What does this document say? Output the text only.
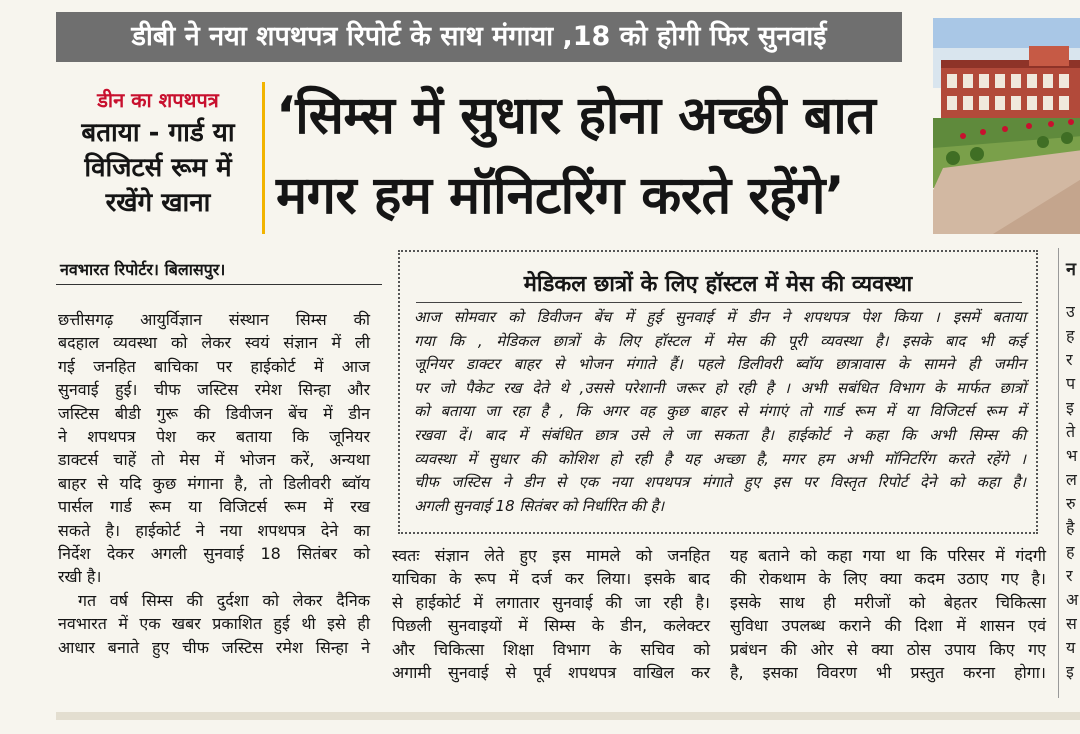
डीबी ने नया शपथपत्र रिपोर्ट के साथ मंगाया ,18 को होगी फिर सुनवाई
डीन का शपथपत्र
बताया - गार्ड या
विजिटर्स रूम में
रखेंगे खाना
‘सिम्स में सुधार होना अच्छी बात
मगर हम मॉनिटरिंग करते रहेंगे’
नवभारत रिपोर्टर। बिलासपुर।
छत्तीसगढ़ आयुर्विज्ञान संस्थान सिम्स की
बदहाल व्यवस्था को लेकर स्वयं संज्ञान में ली
गई जनहित बाचिका पर हाईकोर्ट में आज
सुनवाई हुई। चीफ जस्टिस रमेश सिन्हा और
जस्टिस बीडी गुरू की डिवीजन बेंच में डीन
ने शपथपत्र पेश कर बताया कि जूनियर
डाक्टर्स चाहें तो मेस में भोजन करें, अन्यथा
बाहर से यदि कुछ मंगाना है, तो डिलीवरी ब्वॉय
पार्सल गार्ड रूम या विजिटर्स रूम में रख
सकते है। हाईकोर्ट ने नया शपथपत्र देने का
निर्देश देकर अगली सुनवाई 18 सितंबर को
रखी है।
गत वर्ष सिम्स की दुर्दशा को लेकर दैनिक
नवभारत में एक खबर प्रकाशित हुई थी इसे ही
आधार बनाते हुए चीफ जस्टिस रमेश सिन्हा ने
मेडिकल छात्रों के लिए हॉस्टल में मेस की व्यवस्था
आज सोमवार को डिवीजन बेंच में हुई सुनवाई में डीन ने शपथपत्र पेश किया । इसमें बताया
गया कि , मेडिकल छात्रों के लिए हॉस्टल में मेस की पूरी व्यवस्था है। इसके बाद भी कई
जूनियर डाक्टर बाहर से भोजन मंगाते हैं। पहले डिलीवरी ब्वॉय छात्रावास के सामने ही जमीन
पर जो पैकेट रख देते थे ,उससे परेशानी जरूर हो रही है । अभी सबंधित विभाग के मार्फत छात्रों
को बताया जा रहा है , कि अगर वह कुछ बाहर से मंगाएं तो गार्ड रूम में या विजिटर्स रूम में
रखवा दें। बाद में संबंधित छात्र उसे ले जा सकता है। हाईकोर्ट ने कहा कि अभी सिम्स की
व्यवस्था में सुधार की कोशिश हो रही है यह अच्छा है, मगर हम अभी मॉनिटरिंग करते रहेंगे ।
चीफ जस्टिस ने डीन से एक नया शपथपत्र मंगाते हुए इस पर विस्तृत रिपोर्ट देने को कहा है।
अगली सुनवाई 18 सितंबर को निर्धारित की है।
स्वतः संज्ञान लेते हुए इस मामले को जनहित
याचिका के रूप में दर्ज कर लिया। इसके बाद
से हाईकोर्ट में लगातार सुनवाई की जा रही है।
पिछली सुनवाइयों में सिम्स के डीन, कलेक्टर
और चिकित्सा शिक्षा विभाग के सचिव को
अगामी सुनवाई से पूर्व शपथपत्र वाखिल कर
यह बताने को कहा गया था कि परिसर में गंदगी
की रोकथाम के लिए क्या कदम उठाए गए है।
इसके साथ ही मरीजों को बेहतर चिकित्सा
सुविधा उपलब्ध कराने की दिशा में शासन एवं
प्रबंधन की ओर से क्या ठोस उपाय किए गए
है, इसका विवरण भी प्रस्तुत करना होगा।
न
उ
ह
र
प
इ
ते
भ
ल
रु
है
ह
र
अ
स
य
इ
